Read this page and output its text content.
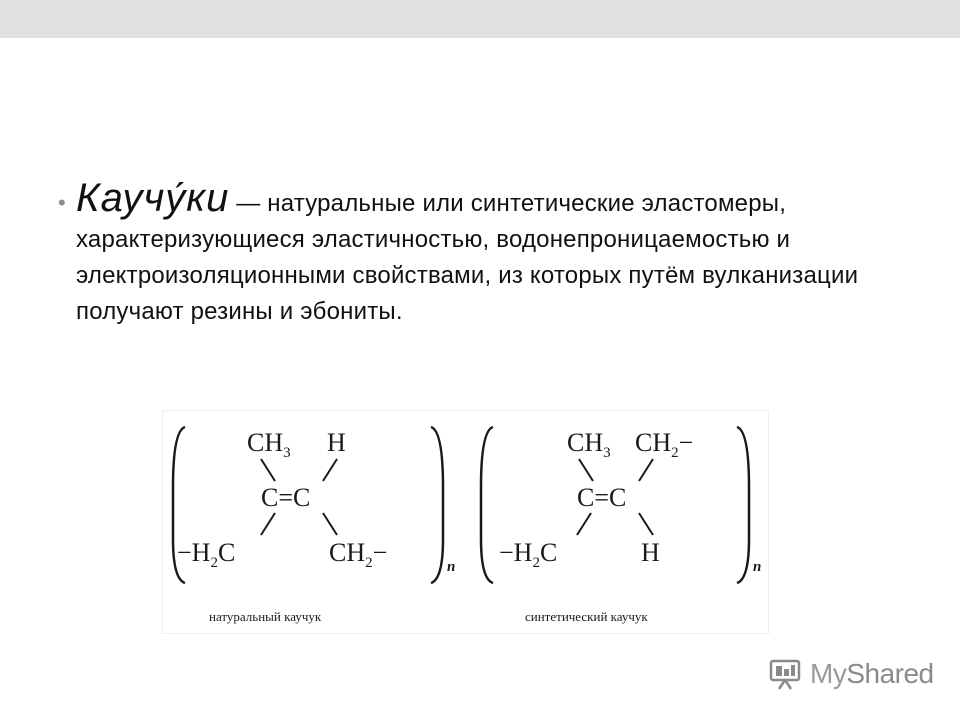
• Каучу́ки — натуральные или синтетические эластомеры, характеризующиеся эластичностью, водонепроницаемостью и электроизоляционными свойствами, из которых путём вулканизации получают резины и эбониты.

$CH_3$ H
C=C
$-H_2C$	$CH_2-$	n
натуральный каучук
$CH_3$ $CH_2-$
C=C
$-H_2C$	H	n
синтетический каучук
MyShared
